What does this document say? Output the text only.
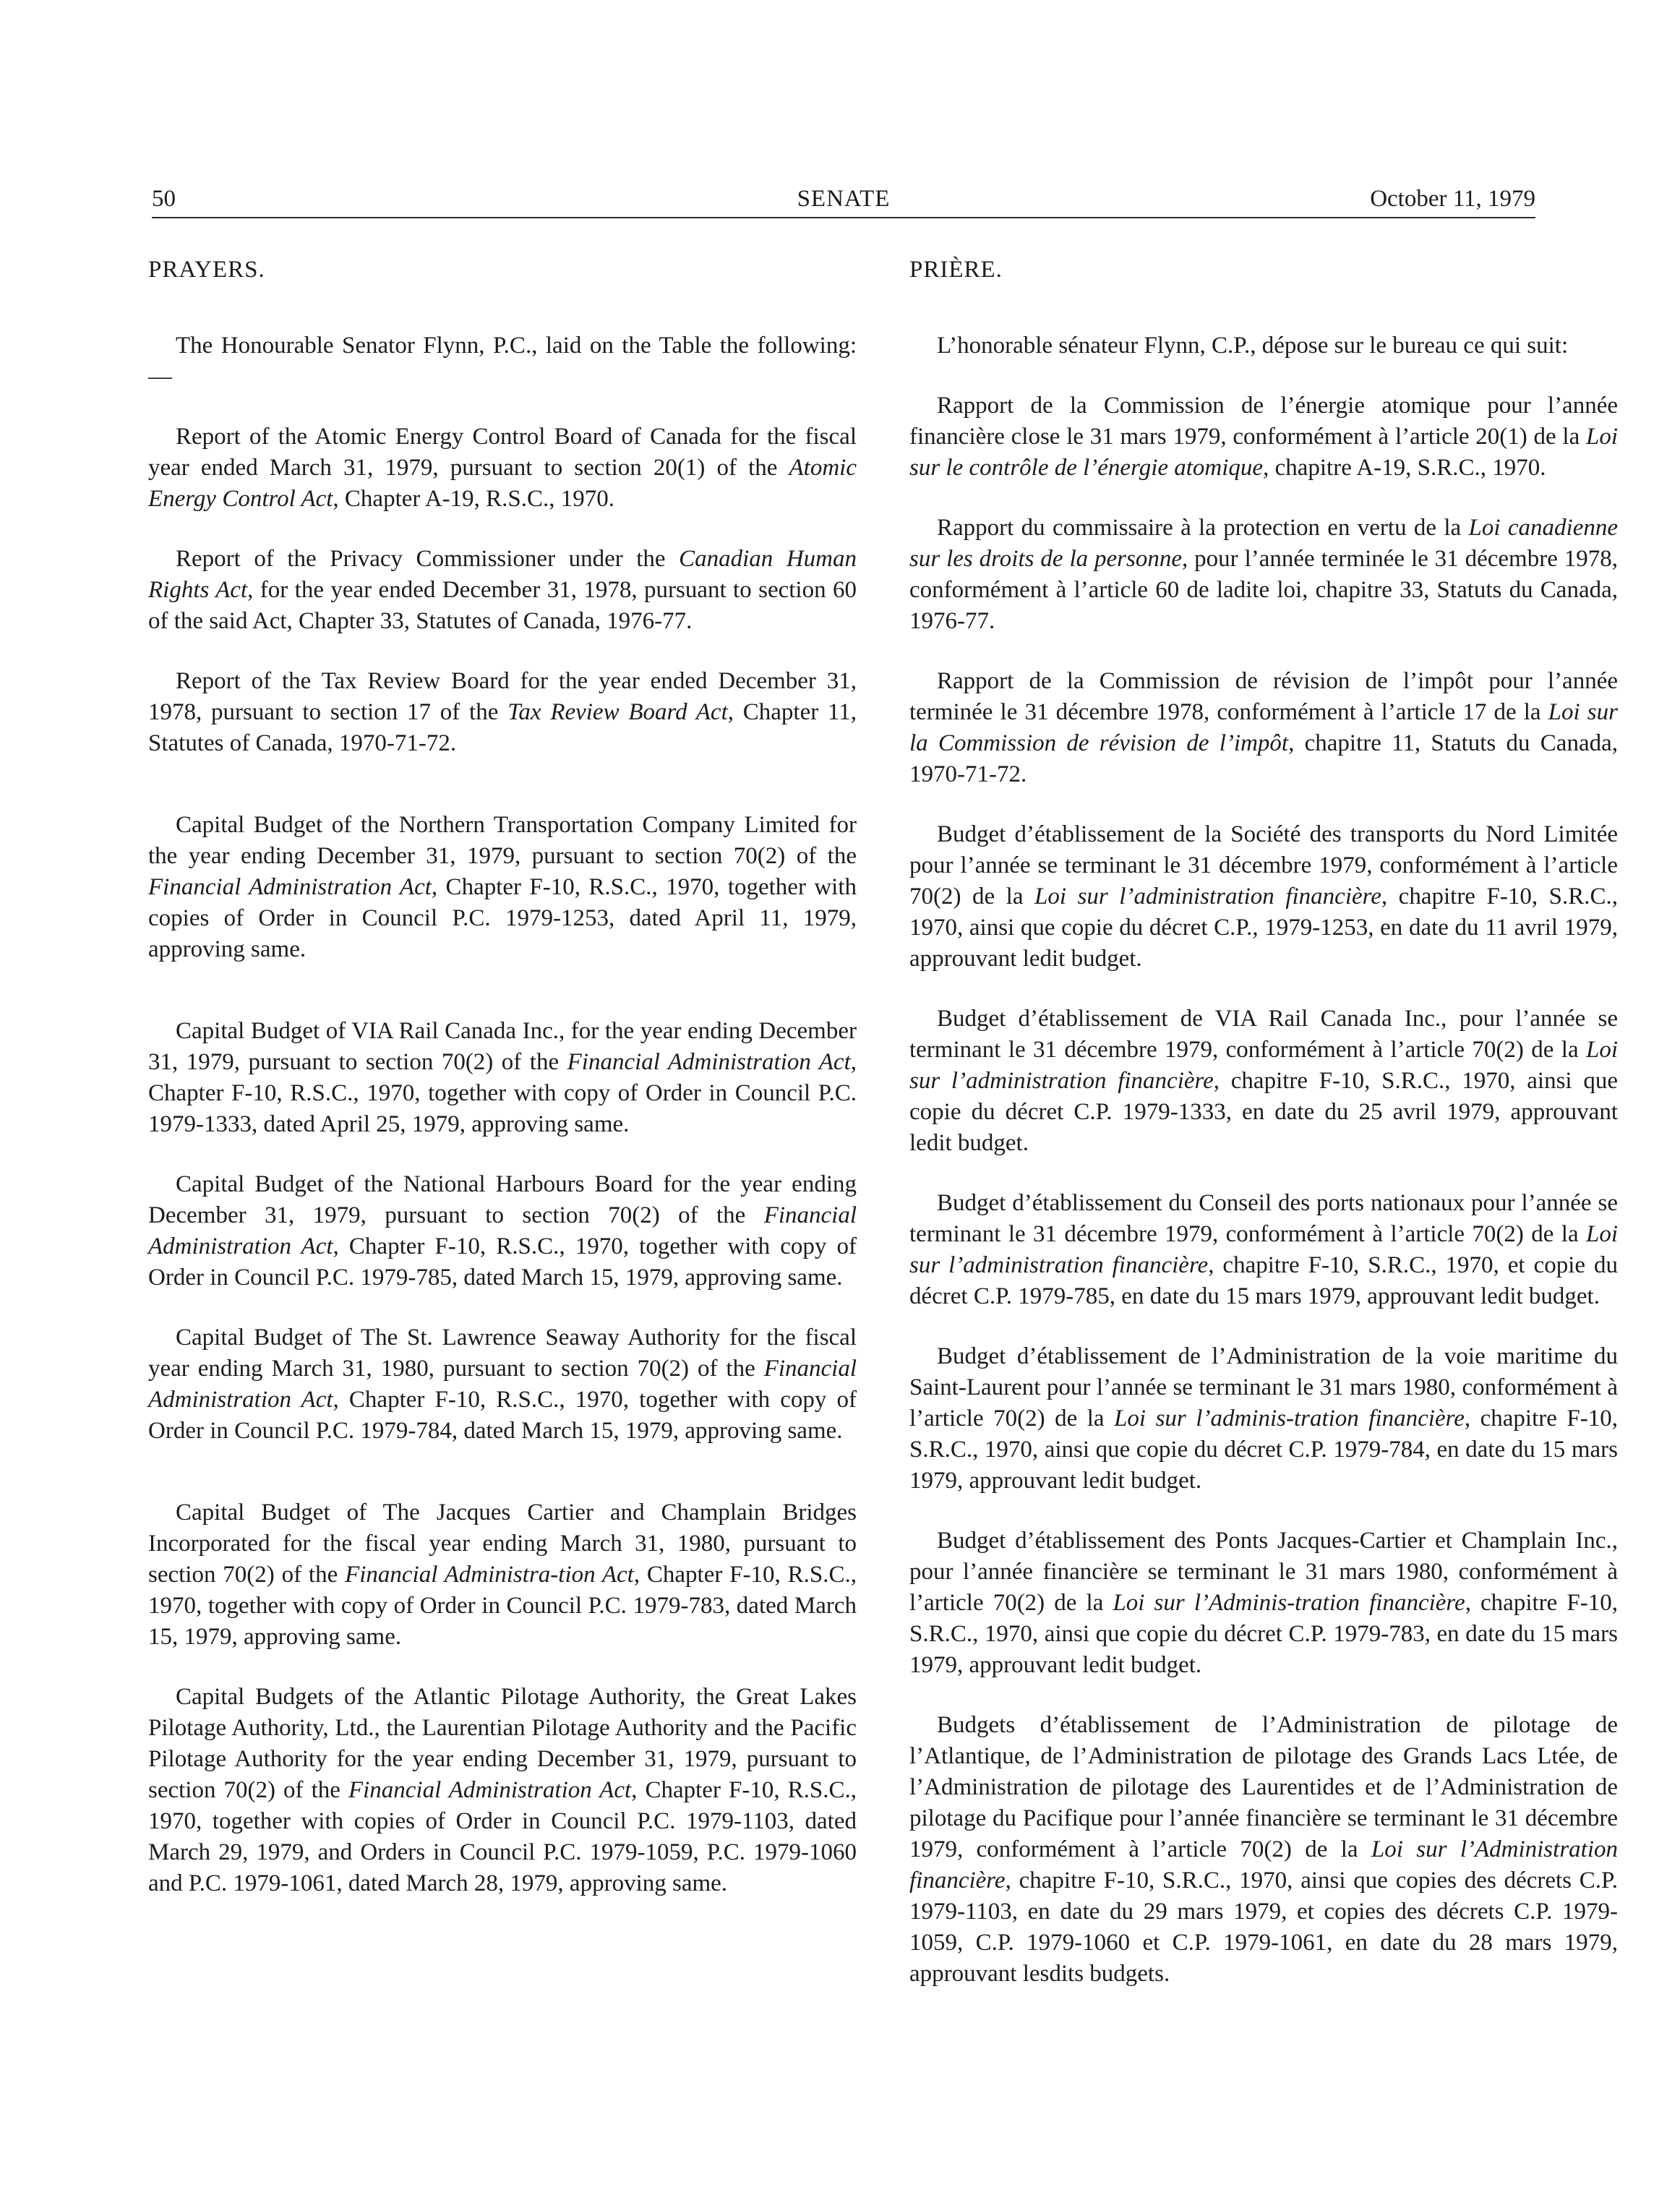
50	SENATE	October 11, 1979
PRAYERS.

The Honourable Senator Flynn, P.C., laid on the Table the following:—

Report of the Atomic Energy Control Board of Canada for the fiscal year ended March 31, 1979, pursuant to section 20(1) of the Atomic Energy Control Act, Chapter A-19, R.S.C., 1970.

Report of the Privacy Commissioner under the Canadian Human Rights Act, for the year ended December 31, 1978, pursuant to section 60 of the said Act, Chapter 33, Statutes of Canada, 1976-77.

Report of the Tax Review Board for the year ended December 31, 1978, pursuant to section 17 of the Tax Review Board Act, Chapter 11, Statutes of Canada, 1970-71-72.

Capital Budget of the Northern Transportation Company Limited for the year ending December 31, 1979, pursuant to section 70(2) of the Financial Administration Act, Chapter F-10, R.S.C., 1970, together with copies of Order in Council P.C. 1979-1253, dated April 11, 1979, approving same.

Capital Budget of VIA Rail Canada Inc., for the year ending December 31, 1979, pursuant to section 70(2) of the Financial Administration Act, Chapter F-10, R.S.C., 1970, together with copy of Order in Council P.C. 1979-1333, dated April 25, 1979, approving same.

Capital Budget of the National Harbours Board for the year ending December 31, 1979, pursuant to section 70(2) of the Financial Administration Act, Chapter F-10, R.S.C., 1970, together with copy of Order in Council P.C. 1979-785, dated March 15, 1979, approving same.

Capital Budget of The St. Lawrence Seaway Authority for the fiscal year ending March 31, 1980, pursuant to section 70(2) of the Financial Administration Act, Chapter F-10, R.S.C., 1970, together with copy of Order in Council P.C. 1979-784, dated March 15, 1979, approving same.

Capital Budget of The Jacques Cartier and Champlain Bridges Incorporated for the fiscal year ending March 31, 1980, pursuant to section 70(2) of the Financial Administra-tion Act, Chapter F-10, R.S.C., 1970, together with copy of Order in Council P.C. 1979-783, dated March 15, 1979, approving same.

Capital Budgets of the Atlantic Pilotage Authority, the Great Lakes Pilotage Authority, Ltd., the Laurentian Pilotage Authority and the Pacific Pilotage Authority for the year ending December 31, 1979, pursuant to section 70(2) of the Financial Administration Act, Chapter F-10, R.S.C., 1970, together with copies of Order in Council P.C. 1979-1103, dated March 29, 1979, and Orders in Council P.C. 1979-1059, P.C. 1979-1060 and P.C. 1979-1061, dated March 28, 1979, approving same.

PRIÈRE.

L’honorable sénateur Flynn, C.P., dépose sur le bureau ce qui suit:

Rapport de la Commission de l’énergie atomique pour l’année financière close le 31 mars 1979, conformément à l’article 20(1) de la Loi sur le contrôle de l’énergie atomique, chapitre A-19, S.R.C., 1970.

Rapport du commissaire à la protection en vertu de la Loi canadienne sur les droits de la personne, pour l’année terminée le 31 décembre 1978, conformément à l’article 60 de ladite loi, chapitre 33, Statuts du Canada, 1976-77.

Rapport de la Commission de révision de l’impôt pour l’année terminée le 31 décembre 1978, conformément à l’article 17 de la Loi sur la Commission de révision de l’impôt, chapitre 11, Statuts du Canada, 1970-71-72.

Budget d’établissement de la Société des transports du Nord Limitée pour l’année se terminant le 31 décembre 1979, conformément à l’article 70(2) de la Loi sur l’administration financière, chapitre F-10, S.R.C., 1970, ainsi que copie du décret C.P., 1979-1253, en date du 11 avril 1979, approuvant ledit budget.

Budget d’établissement de VIA Rail Canada Inc., pour l’année se terminant le 31 décembre 1979, conformément à l’article 70(2) de la Loi sur l’administration financière, chapitre F-10, S.R.C., 1970, ainsi que copie du décret C.P. 1979-1333, en date du 25 avril 1979, approuvant ledit budget.

Budget d’établissement du Conseil des ports nationaux pour l’année se terminant le 31 décembre 1979, conformément à l’article 70(2) de la Loi sur l’administration financière, chapitre F-10, S.R.C., 1970, et copie du décret C.P. 1979-785, en date du 15 mars 1979, approuvant ledit budget.

Budget d’établissement de l’Administration de la voie maritime du Saint-Laurent pour l’année se terminant le 31 mars 1980, conformément à l’article 70(2) de la Loi sur l’adminis-tration financière, chapitre F-10, S.R.C., 1970, ainsi que copie du décret C.P. 1979-784, en date du 15 mars 1979, approuvant ledit budget.

Budget d’établissement des Ponts Jacques-Cartier et Champlain Inc., pour l’année financière se terminant le 31 mars 1980, conformément à l’article 70(2) de la Loi sur l’Adminis-tration financière, chapitre F-10, S.R.C., 1970, ainsi que copie du décret C.P. 1979-783, en date du 15 mars 1979, approuvant ledit budget.

Budgets d’établissement de l’Administration de pilotage de l’Atlantique, de l’Administration de pilotage des Grands Lacs Ltée, de l’Administration de pilotage des Laurentides et de l’Administration de pilotage du Pacifique pour l’année financière se terminant le 31 décembre 1979, conformément à l’article 70(2) de la Loi sur l’Administration financière, chapitre F-10, S.R.C., 1970, ainsi que copies des décrets C.P. 1979-1103, en date du 29 mars 1979, et copies des décrets C.P. 1979-1059, C.P. 1979-1060 et C.P. 1979-1061, en date du 28 mars 1979, approuvant lesdits budgets.
